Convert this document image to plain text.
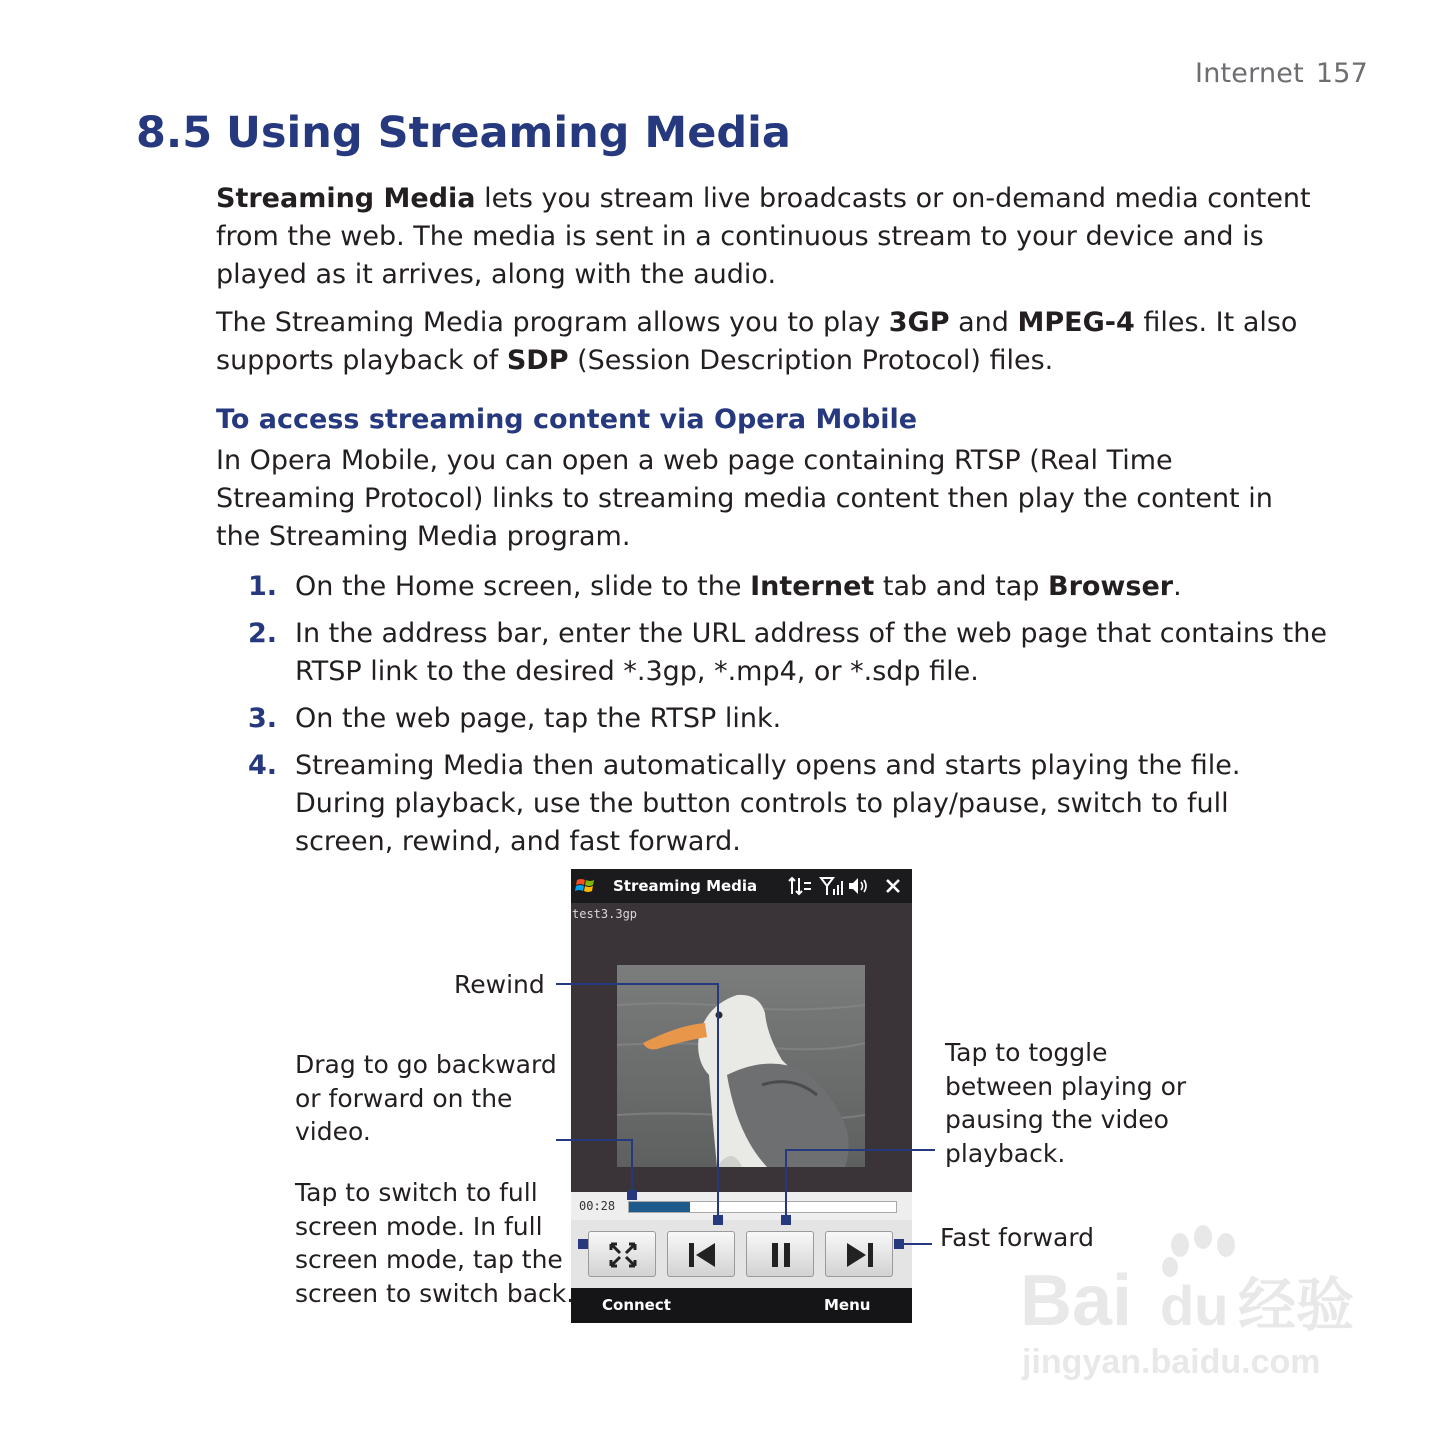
Internet 157
8.5 Using Streaming Media
Streaming Media lets you stream live broadcasts or on-demand media content from the web. The media is sent in a continuous stream to your device and is played as it arrives, along with the audio.
The Streaming Media program allows you to play 3GP and MPEG-4 files. It also supports playback of SDP (Session Description Protocol) files.
To access streaming content via Opera Mobile
In Opera Mobile, you can open a web page containing RTSP (Real Time Streaming Protocol) links to streaming media content then play the content in the Streaming Media program.
1. On the Home screen, slide to the Internet tab and tap Browser.
2. In the address bar, enter the URL address of the web page that contains the RTSP link to the desired *.3gp, *.mp4, or *.sdp file.
3. On the web page, tap the RTSP link.
4. Streaming Media then automatically opens and starts playing the file. During playback, use the button controls to play/pause, switch to full screen, rewind, and fast forward.
Streaming Media
test3.3gp
00:28
Connect	Menu
Rewind
Drag to go backward
or forward on the
video.
Tap to switch to full
screen mode. In full
screen mode, tap the
screen to switch back.
Tap to toggle
between playing or
pausing the video
playback.
Fast forward
Bai du 经验
jingyan.baidu.com
